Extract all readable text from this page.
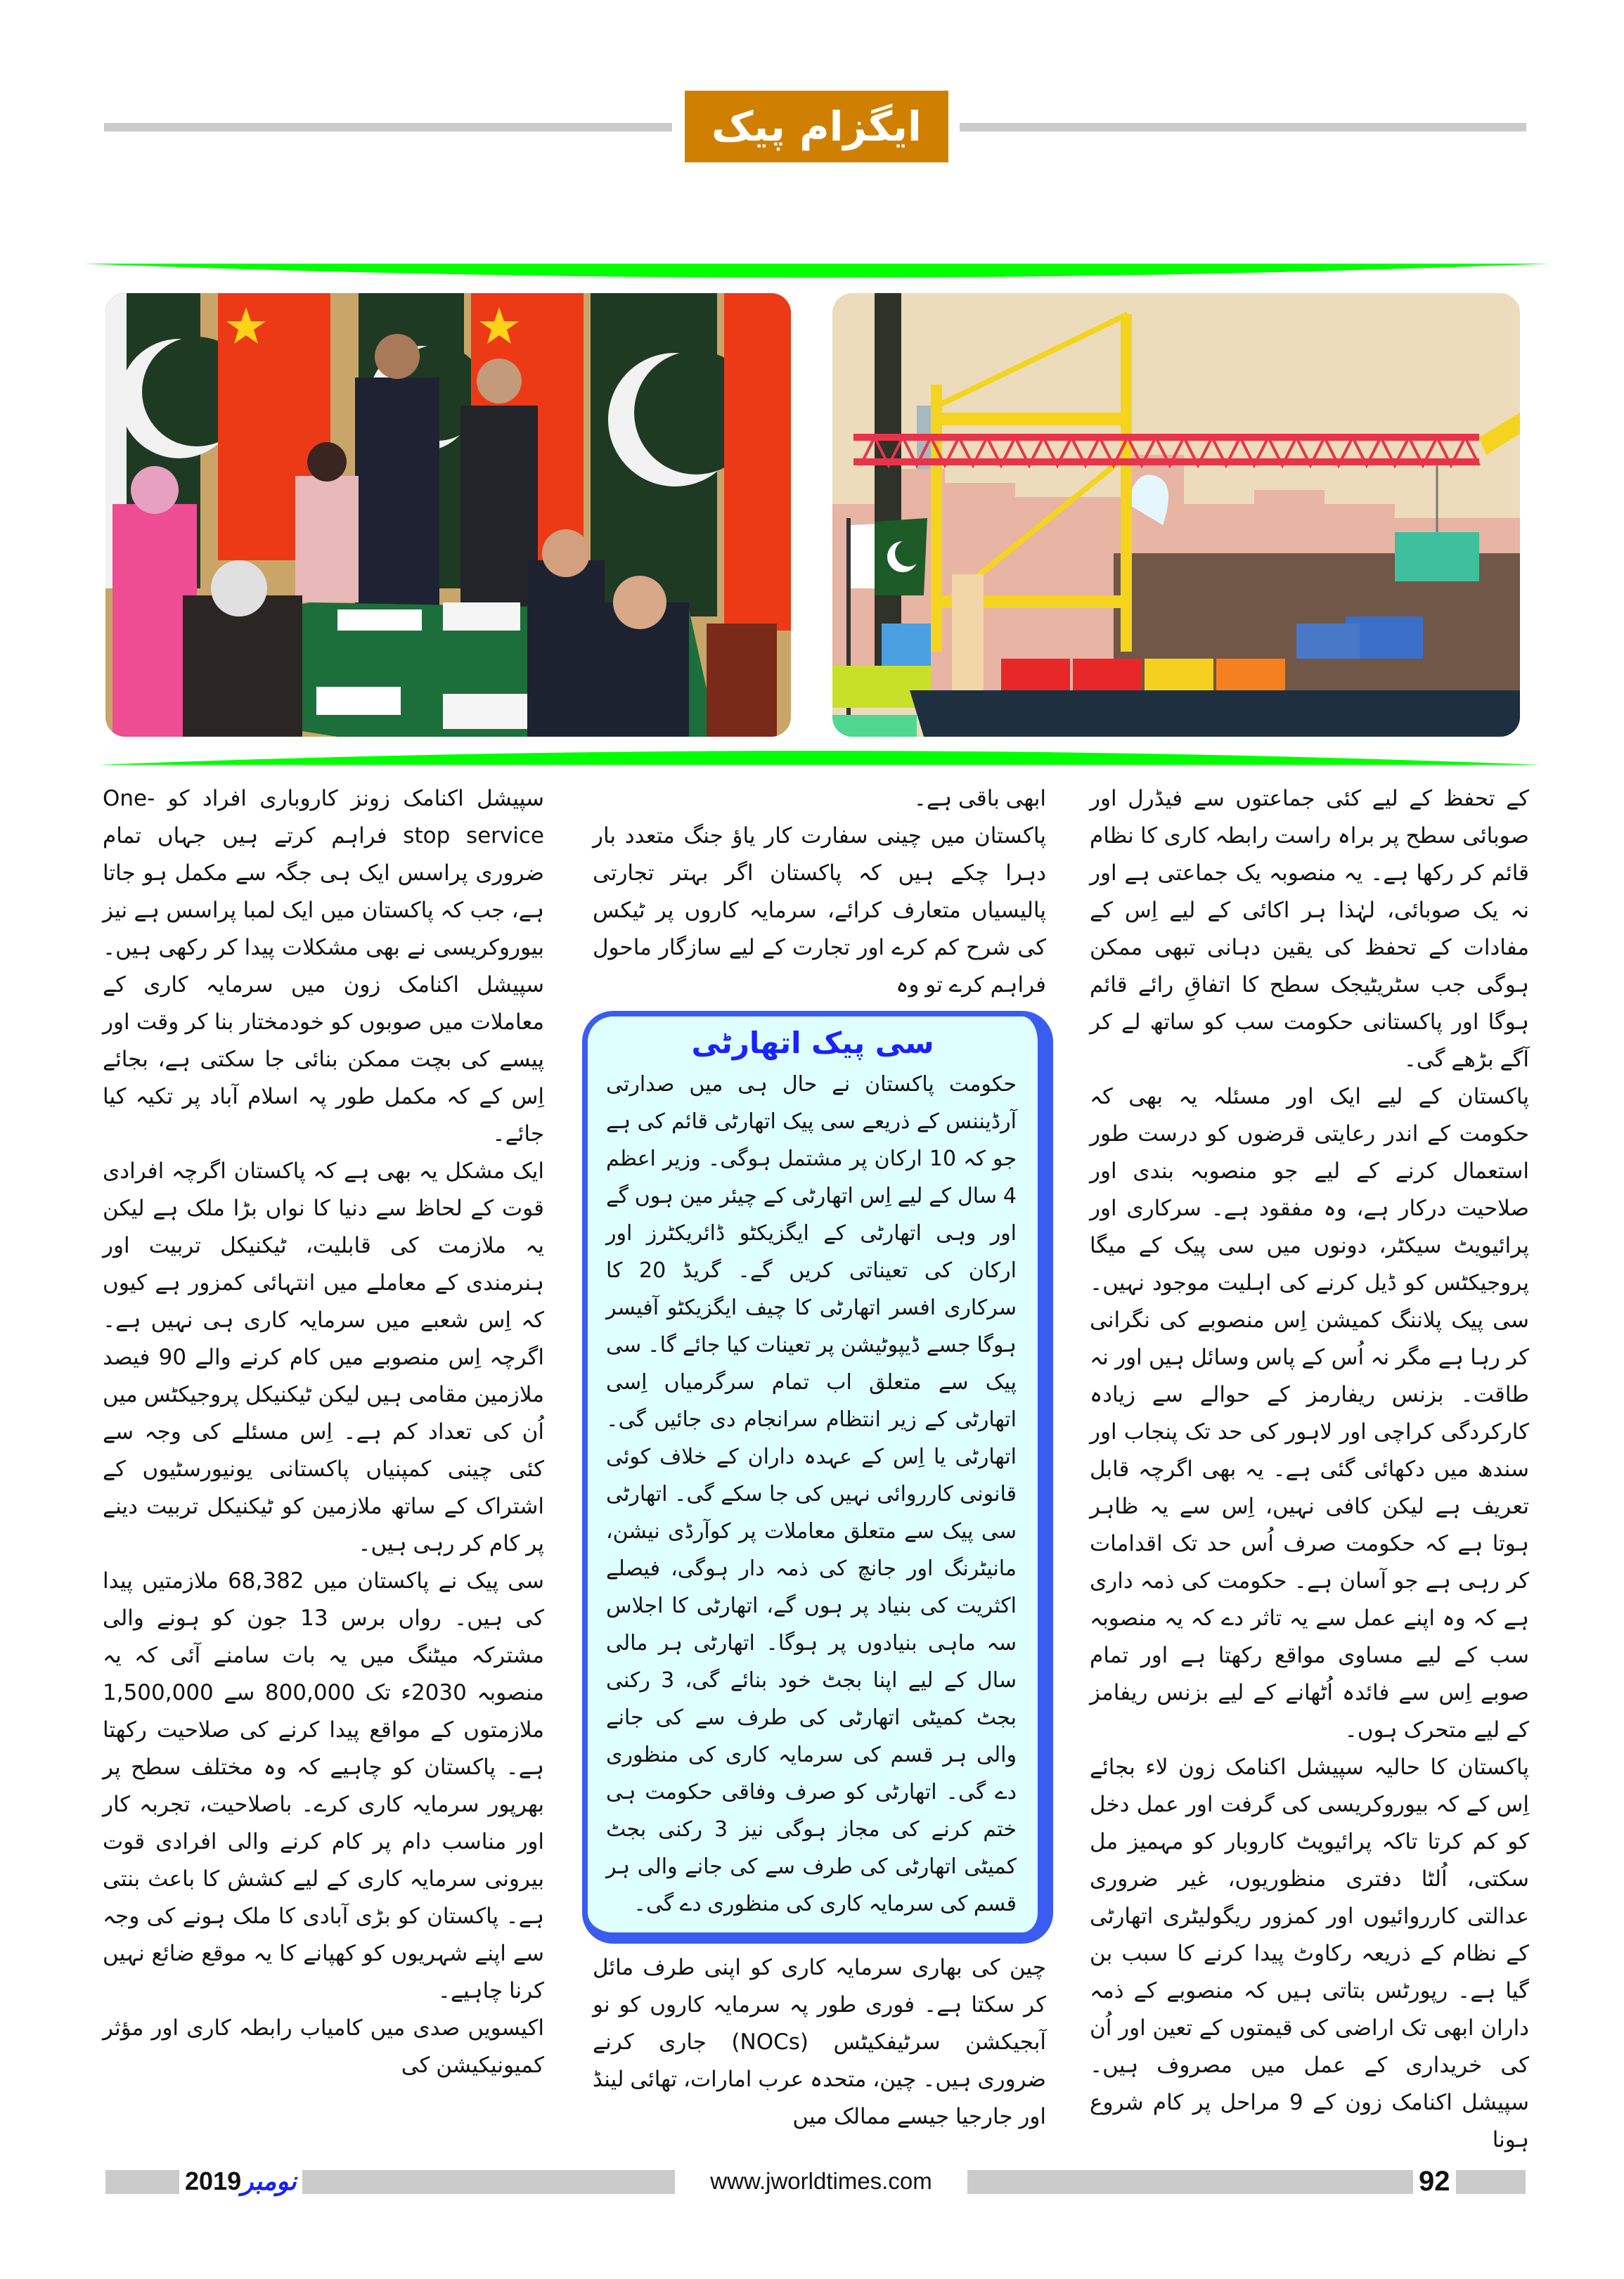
ایگزام پیک

کے تحفظ کے لیے کئی جماعتوں سے فیڈرل اور صوبائی سطح پر براہ راست رابطہ کاری کا نظام قائم کر رکھا ہے۔ یہ منصوبہ یک جماعتی ہے اور نہ یک صوبائی، لہٰذا ہر اکائی کے لیے اِس کے مفادات کے تحفظ کی یقین دہانی تبھی ممکن ہوگی جب سٹریٹیجک سطح کا اتفاقِ رائے قائم ہوگا اور پاکستانی حکومت سب کو ساتھ لے کر آگے بڑھے گی۔

پاکستان کے لیے ایک اور مسئلہ یہ بھی کہ حکومت کے اندر رعایتی قرضوں کو درست طور استعمال کرنے کے لیے جو منصوبہ بندی اور صلاحیت درکار ہے، وہ مفقود ہے۔ سرکاری اور پرائیویٹ سیکٹر، دونوں میں سی پیک کے میگا پروجیکٹس کو ڈیل کرنے کی اہلیت موجود نہیں۔ سی پیک پلاننگ کمیشن اِس منصوبے کی نگرانی کر رہا ہے مگر نہ اُس کے پاس وسائل ہیں اور نہ طاقت۔ بزنس ریفارمز کے حوالے سے زیادہ کارکردگی کراچی اور لاہور کی حد تک پنجاب اور سندھ میں دکھائی گئی ہے۔ یہ بھی اگرچہ قابل تعریف ہے لیکن کافی نہیں، اِس سے یہ ظاہر ہوتا ہے کہ حکومت صرف اُس حد تک اقدامات کر رہی ہے جو آسان ہے۔ حکومت کی ذمہ داری ہے کہ وہ اپنے عمل سے یہ تاثر دے کہ یہ منصوبہ سب کے لیے مساوی مواقع رکھتا ہے اور تمام صوبے اِس سے فائدہ اُٹھانے کے لیے بزنس ریفامز کے لیے متحرک ہوں۔

پاکستان کا حالیہ سپیشل اکنامک زون لاء بجائے اِس کے کہ بیوروکریسی کی گرفت اور عمل دخل کو کم کرتا تاکہ پرائیویٹ کاروبار کو مہمیز مل سکتی، اُلٹا دفتری منظوریوں، غیر ضروری عدالتی کارروائیوں اور کمزور ریگولیٹری اتھارٹی کے نظام کے ذریعہ رکاوٹ پیدا کرنے کا سبب بن گیا ہے۔ رپورٹس بتاتی ہیں کہ منصوبے کے ذمہ داران ابھی تک اراضی کی قیمتوں کے تعین اور اُن کی خریداری کے عمل میں مصروف ہیں۔ سپیشل اکنامک زون کے 9 مراحل پر کام شروع ہونا

ابھی باقی ہے۔

پاکستان میں چینی سفارت کار یاؤ جنگ متعدد بار دہرا چکے ہیں کہ پاکستان اگر بہتر تجارتی پالیسیاں متعارف کرائے، سرمایہ کاروں پر ٹیکس کی شرح کم کرے اور تجارت کے لیے سازگار ماحول فراہم کرے تو وہ

سی پیک اتھارٹی
حکومت پاکستان نے حال ہی میں صدارتی آرڈیننس کے ذریعے سی پیک اتھارٹی قائم کی ہے جو کہ 10 ارکان پر مشتمل ہوگی۔ وزیر اعظم 4 سال کے لیے اِس اتھارٹی کے چیئر مین ہوں گے اور وہی اتھارٹی کے ایگزیکٹو ڈائریکٹرز اور ارکان کی تعیناتی کریں گے۔ گریڈ 20 کا سرکاری افسر اتھارٹی کا چیف ایگزیکٹو آفیسر ہوگا جسے ڈیپوٹیشن پر تعینات کیا جائے گا۔ سی پیک سے متعلق اب تمام سرگرمیاں اِسی اتھارٹی کے زیر انتظام سرانجام دی جائیں گی۔ اتھارٹی یا اِس کے عہدہ داران کے خلاف کوئی قانونی کارروائی نہیں کی جا سکے گی۔ اتھارٹی سی پیک سے متعلق معاملات پر کوآرڈی نیشن، مانیٹرنگ اور جانچ کی ذمہ دار ہوگی، فیصلے اکثریت کی بنیاد پر ہوں گے، اتھارٹی کا اجلاس سہ ماہی بنیادوں پر ہوگا۔ اتھارٹی ہر مالی سال کے لیے اپنا بجٹ خود بنائے گی، 3 رکنی بجٹ کمیٹی اتھارٹی کی طرف سے کی جانے والی ہر قسم کی سرمایہ کاری کی منظوری دے گی۔ اتھارٹی کو صرف وفاقی حکومت ہی ختم کرنے کی مجاز ہوگی نیز 3 رکنی بجٹ کمیٹی اتھارٹی کی طرف سے کی جانے والی ہر قسم کی سرمایہ کاری کی منظوری دے گی۔

چین کی بھاری سرمایہ کاری کو اپنی طرف مائل کر سکتا ہے۔ فوری طور پہ سرمایہ کاروں کو نو آبجیکشن سرٹیفکیٹس (NOCs) جاری کرنے ضروری ہیں۔ چین، متحدہ عرب امارات، تھائی لینڈ اور جارجیا جیسے ممالک میں

سپیشل اکنامک زونز کاروباری افراد کو One-stop service فراہم کرتے ہیں جہاں تمام ضروری پراسس ایک ہی جگہ سے مکمل ہو جاتا ہے، جب کہ پاکستان میں ایک لمبا پراسس ہے نیز بیوروکریسی نے بھی مشکلات پیدا کر رکھی ہیں۔ سپیشل اکنامک زون میں سرمایہ کاری کے معاملات میں صوبوں کو خودمختار بنا کر وقت اور پیسے کی بچت ممکن بنائی جا سکتی ہے، بجائے اِس کے کہ مکمل طور پہ اسلام آباد پر تکیہ کیا جائے۔

ایک مشکل یہ بھی ہے کہ پاکستان اگرچہ افرادی قوت کے لحاظ سے دنیا کا نواں بڑا ملک ہے لیکن یہ ملازمت کی قابلیت، ٹیکنیکل تربیت اور ہنرمندی کے معاملے میں انتہائی کمزور ہے کیوں کہ اِس شعبے میں سرمایہ کاری ہی نہیں ہے۔ اگرچہ اِس منصوبے میں کام کرنے والے 90 فیصد ملازمین مقامی ہیں لیکن ٹیکنیکل پروجیکٹس میں اُن کی تعداد کم ہے۔ اِس مسئلے کی وجہ سے کئی چینی کمپنیاں پاکستانی یونیورسٹیوں کے اشتراک کے ساتھ ملازمین کو ٹیکنیکل تربیت دینے پر کام کر رہی ہیں۔

سی پیک نے پاکستان میں 68,382 ملازمتیں پیدا کی ہیں۔ رواں برس 13 جون کو ہونے والی مشترکہ میٹنگ میں یہ بات سامنے آئی کہ یہ منصوبہ 2030ء تک 800,000 سے 1,500,000 ملازمتوں کے مواقع پیدا کرنے کی صلاحیت رکھتا ہے۔ پاکستان کو چاہیے کہ وہ مختلف سطح پر بھرپور سرمایہ کاری کرے۔ باصلاحیت، تجربہ کار اور مناسب دام پر کام کرنے والی افرادی قوت بیرونی سرمایہ کاری کے لیے کشش کا باعث بنتی ہے۔ پاکستان کو بڑی آبادی کا ملک ہونے کی وجہ سے اپنے شہریوں کو کھپانے کا یہ موقع ضائع نہیں کرنا چاہیے۔

اکیسویں صدی میں کامیاب رابطہ کاری اور مؤثر کمیونیکیشن کی

2019نومبر	www.jworldtimes.com	92
